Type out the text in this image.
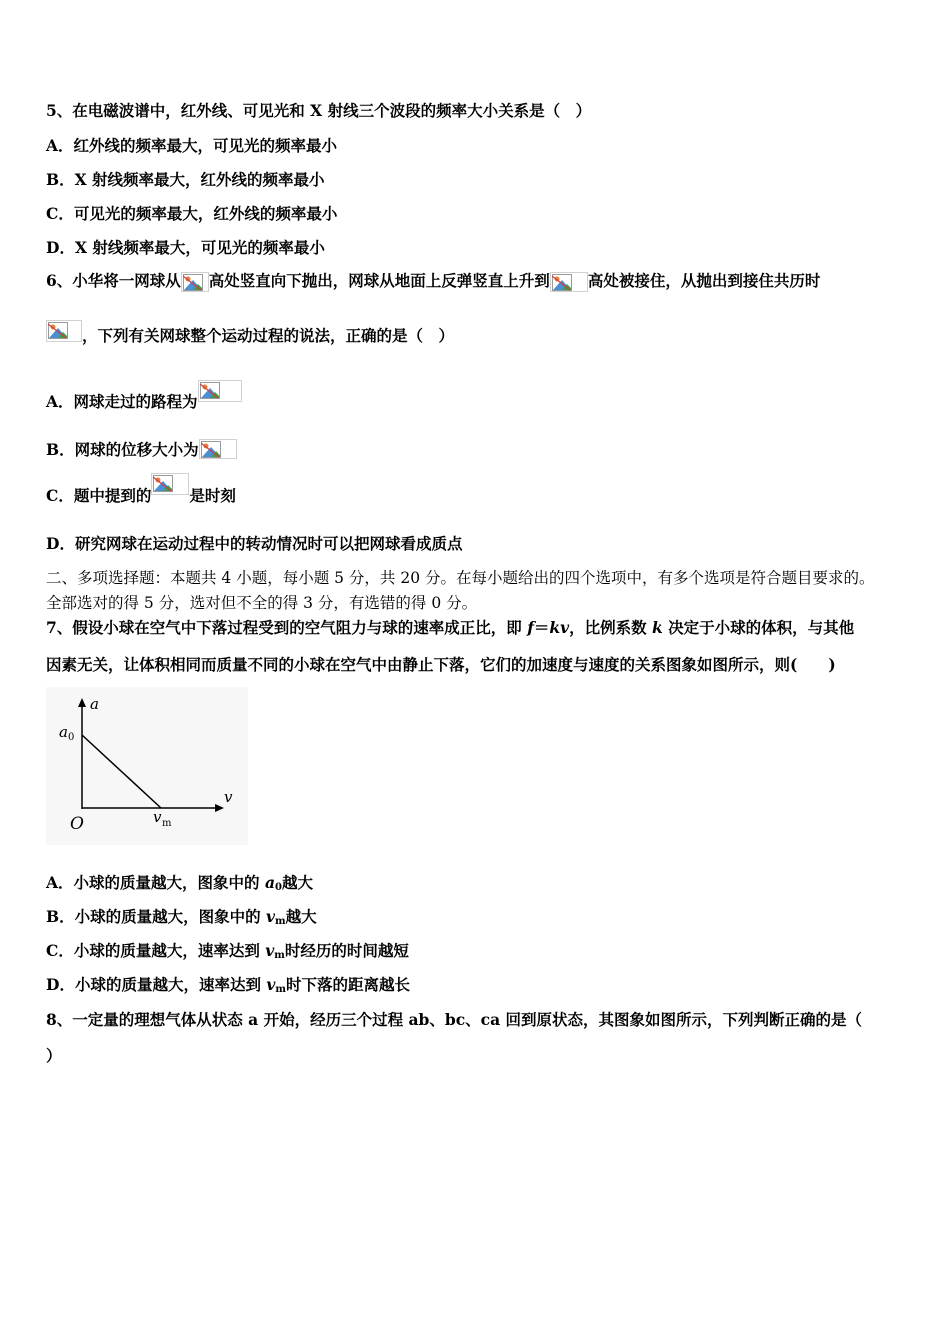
5、在电磁波谱中，红外线、可见光和 X 射线三个波段的频率大小关系是（　）
A．红外线的频率最大，可见光的频率最小
B．X 射线频率最大，红外线的频率最小
C．可见光的频率最大，红外线的频率最小
D．X 射线频率最大，可见光的频率最小
6、小华将一网球从 高处竖直向下抛出，网球从地面上反弹竖直上升到 高处被接住，从抛出到接住共历时
，下列有关网球整个运动过程的说法，正确的是（　）
A．网球走过的路程为
B．网球的位移大小为
C．题中提到的 是时刻
D．研究网球在运动过程中的转动情况时可以把网球看成质点
二、多项选择题：本题共 4 小题，每小题 5 分，共 20 分。在每小题给出的四个选项中，有多个选项是符合题目要求的。
全部选对的得 5 分，选对但不全的得 3 分，有选错的得 0 分。
7、假设小球在空气中下落过程受到的空气阻力与球的速率成正比，即 f＝kv，比例系数 k 决定于小球的体积，与其他
因素无关，让体积相同而质量不同的小球在空气中由静止下落，它们的加速度与速度的关系图象如图所示，则(　　)
a
v
O
a 0
v m
A．小球的质量越大，图象中的 $a_0$越大
B．小球的质量越大，图象中的 $v_m$越大
C．小球的质量越大，速率达到 $v_m$时经历的时间越短
D．小球的质量越大，速率达到 $v_m$时下落的距离越长
8、一定量的理想气体从状态 a 开始，经历三个过程 ab、bc、ca 回到原状态，其图象如图所示，下列判断正确的是（
）
